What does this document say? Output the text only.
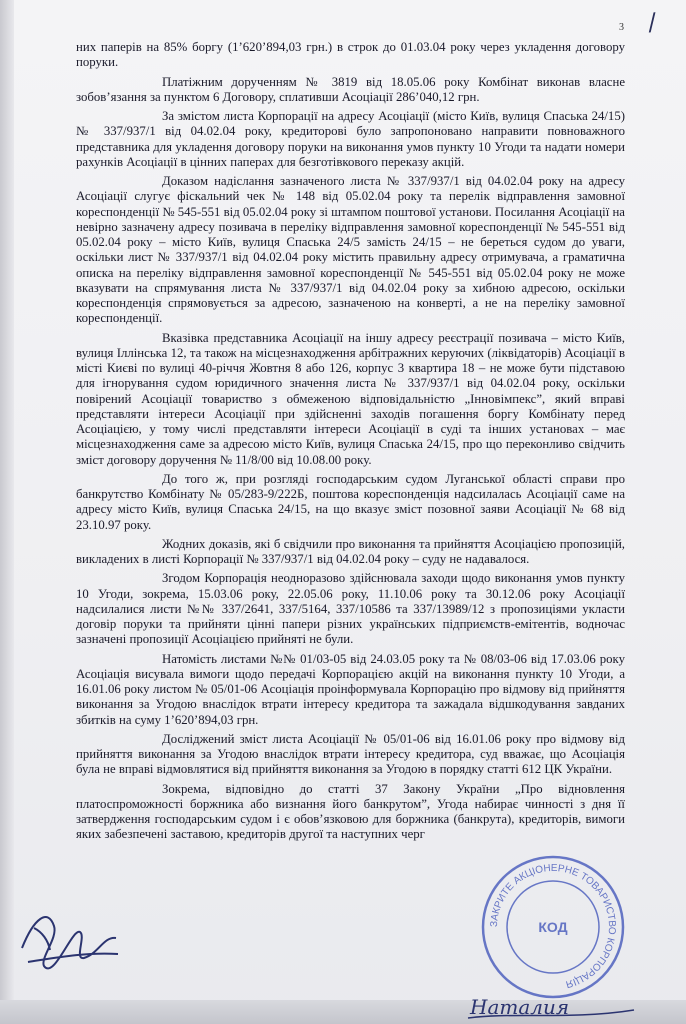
3 /

них паперів на 85% боргу (1’620’894,03 грн.) в строк до 01.03.04 року через укладення договору поруки.

Платіжним дорученням № 3819 від 18.05.06 року Комбінат виконав власне зобов’язання за пунктом 6 Договору, сплативши Асоціації 286’040,12 грн.

За змістом листа Корпорації на адресу Асоціації (місто Київ, вулиця Спаська 24/15) № 337/937/1 від 04.02.04 року, кредиторові було запропоновано направити повноважного представника для укладення договору поруки на виконання умов пункту 10 Угоди та надати номери рахунків Асоціації в цінних паперах для безготівкового переказу акцій.

Доказом надіслання зазначеного листа № 337/937/1 від 04.02.04 року на адресу Асоціації слугує фіскальний чек № 148 від 05.02.04 року та перелік відправлення замовної кореспонденції № 545-551 від 05.02.04 року зі штампом поштової установи. Посилання Асоціації на невірно зазначену адресу позивача в переліку відправлення замовної кореспонденції № 545-551 від 05.02.04 року – місто Київ, вулиця Спаська 24/5 замість 24/15 – не береться судом до уваги, оскільки лист № 337/937/1 від 04.02.04 року містить правильну адресу отримувача, а граматична описка на переліку відправлення замовної кореспонденції № 545-551 від 05.02.04 року не може вказувати на спрямування листа № 337/937/1 від 04.02.04 року за хибною адресою, оскільки кореспонденція спрямовується за адресою, зазначеною на конверті, а не на переліку замовної кореспонденції.

Вказівка представника Асоціації на іншу адресу реєстрації позивача – місто Київ, вулиця Іллінська 12, та також на місцезнаходження арбітражних керуючих (ліквідаторів) Асоціації в місті Києві по вулиці 40-річчя Жовтня 8 або 126, корпус 3 квартира 18 – не може бути підставою для ігнорування судом юридичного значення листа № 337/937/1 від 04.02.04 року, оскільки повірений Асоціації товариство з обмеженою відповідальністю „Інновімпекс”, який вправі представляти інтереси Асоціації при здійсненні заходів погашення боргу Комбінату перед Асоціацією, у тому числі представляти інтереси Асоціації в суді та інших установах – має місцезнаходження саме за адресою місто Київ, вулиця Спаська 24/15, про що переконливо свідчить зміст договору доручення № 11/8/00 від 10.08.00 року.

До того ж, при розгляді господарським судом Луганської області справи про банкрутство Комбінату № 05/283-9/222Б, поштова кореспонденція надсилалась Асоціації саме на адресу місто Київ, вулиця Спаська 24/15, на що вказує зміст позовної заяви Асоціації № 68 від 23.10.97 року.

Жодних доказів, які б свідчили про виконання та прийняття Асоціацією пропозицій, викладених в листі Корпорації № 337/937/1 від 04.02.04 року – суду не надавалося.

Згодом Корпорація неодноразово здійснювала заходи щодо виконання умов пункту 10 Угоди, зокрема, 15.03.06 року, 22.05.06 року, 11.10.06 року та 30.12.06 року Асоціації надсилалися листи №№ 337/2641, 337/5164, 337/10586 та 337/13989/12 з пропозиціями укласти договір поруки та прийняти цінні папери різних українських підприємств-емітентів, водночас зазначені пропозиції Асоціацією прийняті не були.

Натомість листами №№ 01/03-05 від 24.03.05 року та № 08/03-06 від 17.03.06 року Асоціація висувала вимоги щодо передачі Корпорацією акцій на виконання пункту 10 Угоди, а 16.01.06 року листом № 05/01-06 Асоціація проінформувала Корпорацію про відмову від прийняття виконання за Угодою внаслідок втрати інтересу кредитора та зажадала відшкодування завданих збитків на суму 1’620’894,03 грн.

Досліджений зміст листа Асоціації № 05/01-06 від 16.01.06 року про відмову від прийняття виконання за Угодою внаслідок втрати інтересу кредитора, суд вважає, що Асоціація була не вправі відмовлятися від прийняття виконання за Угодою в порядку статті 612 ЦК України.

Зокрема, відповідно до статті 37 Закону України „Про відновлення платоспроможності боржника або визнання його банкрутом”, Угода набирає чинності з дня її затвердження господарським судом і є обов’язковою для боржника (банкрута), кредиторів, вимоги яких забезпечені заставою, кредиторів другої та наступних черг

ЗАКРИТЕ АКЦІОНЕРНЕ ТОВАРИСТВО КОРПОРАЦІЯ
КОД
Наталия
